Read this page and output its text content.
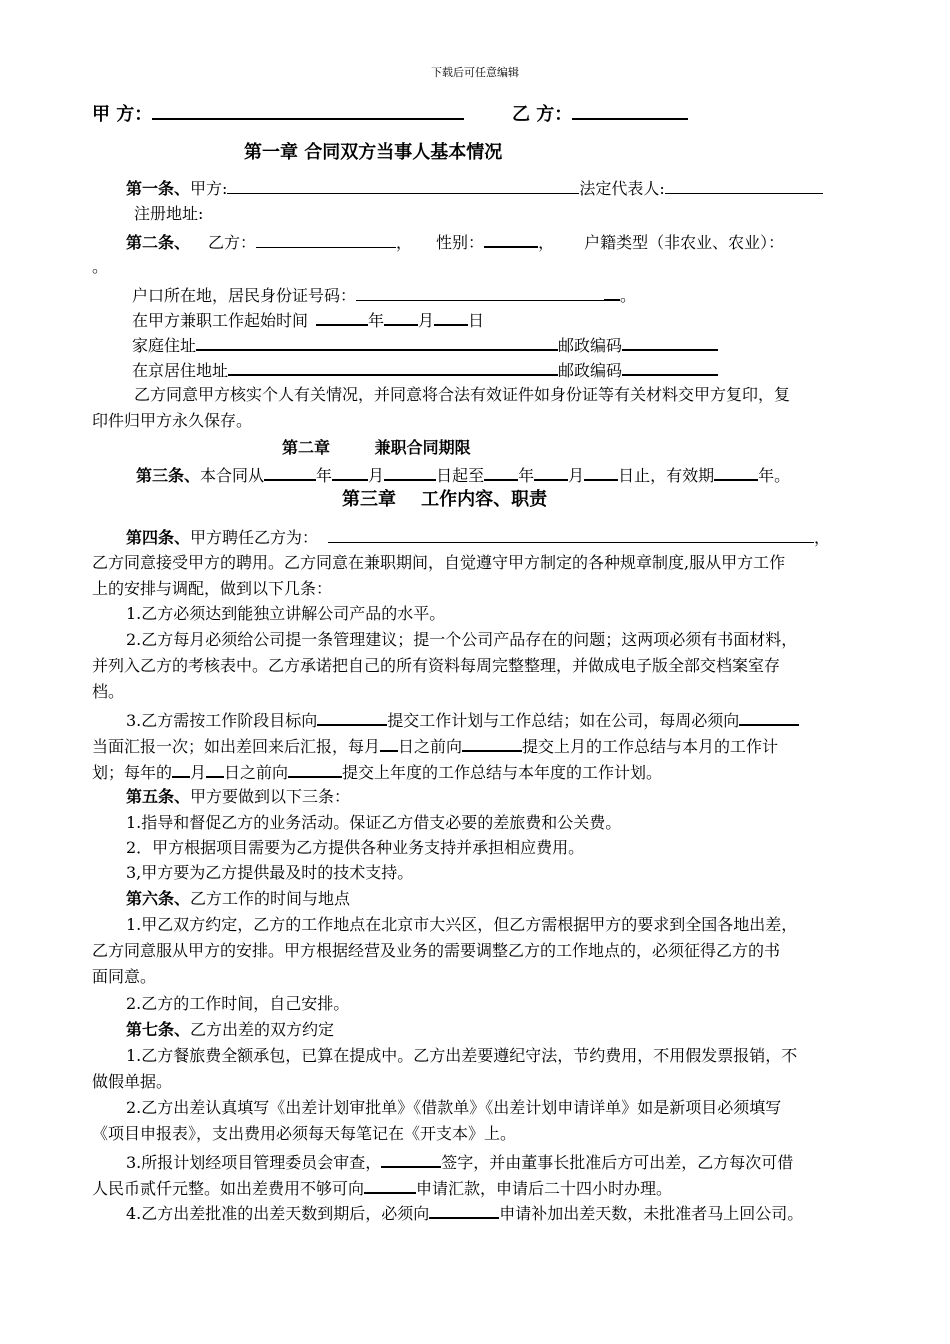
下载后可任意编辑
甲 方：	乙 方：
第一章 合同双方当事人基本情况
第一条、甲方:	法定代表人:
注册地址:
第二条、 乙方：	， 性别：	， 户籍类型（非农业、农业）：
。
户口所在地，居民身份证号码：	。
在甲方兼职工作起始时间	年 月 日
家庭住址	邮政编码
在京居住地址	邮政编码
乙方同意甲方核实个人有关情况，并同意将合法有效证件如身份证等有关材料交甲方复印，复
印件归甲方永久保存。
第二章        兼职合同期限
第三条、本合同从	年 月	日起至 年 月 日止，有效期	年。
第三章    工作内容、职责
第四条、甲方聘任乙方为：	，
乙方同意接受甲方的聘用。乙方同意在兼职期间，自觉遵守甲方制定的各种规章制度,服从甲方工作
上的安排与调配，做到以下几条：
1.乙方必须达到能独立讲解公司产品的水平。
2.乙方每月必须给公司提一条管理建议；提一个公司产品存在的问题；这两项必须有书面材料，
并列入乙方的考核表中。乙方承诺把自己的所有资料每周完整整理，并做成电子版全部交档案室存
档。
3.乙方需按工作阶段目标向	提交工作计划与工作总结；如在公司，每周必须向
当面汇报一次；如出差回来后汇报，每月 日之前向	提交上月的工作总结与本月的工作计
划；每年的 月 日之前向	提交上年度的工作总结与本年度的工作计划。
第五条、甲方要做到以下三条：
1.指导和督促乙方的业务活动。保证乙方借支必要的差旅费和公关费。
2．甲方根据项目需要为乙方提供各种业务支持并承担相应费用。
3,甲方要为乙方提供最及时的技术支持。
第六条、乙方工作的时间与地点
1.甲乙双方约定，乙方的工作地点在北京市大兴区，但乙方需根据甲方的要求到全国各地出差，
乙方同意服从甲方的安排。甲方根据经营及业务的需要调整乙方的工作地点的，必须征得乙方的书
面同意。
2.乙方的工作时间，自己安排。
第七条、乙方出差的双方约定
1.乙方餐旅费全额承包，已算在提成中。乙方出差要遵纪守法，节约费用，不用假发票报销，不
做假单据。
2.乙方出差认真填写《出差计划审批单》《借款单》《出差计划申请详单》如是新项目必须填写
《项目申报表》，支出费用必须每天每笔记在《开支本》上。
3.所报计划经项目管理委员会审查，	签字，并由董事长批准后方可出差，乙方每次可借
人民币贰仟元整。如出差费用不够可向	申请汇款，申请后二十四小时办理。
4.乙方出差批准的出差天数到期后，必须向	申请补加出差天数，未批准者马上回公司。
